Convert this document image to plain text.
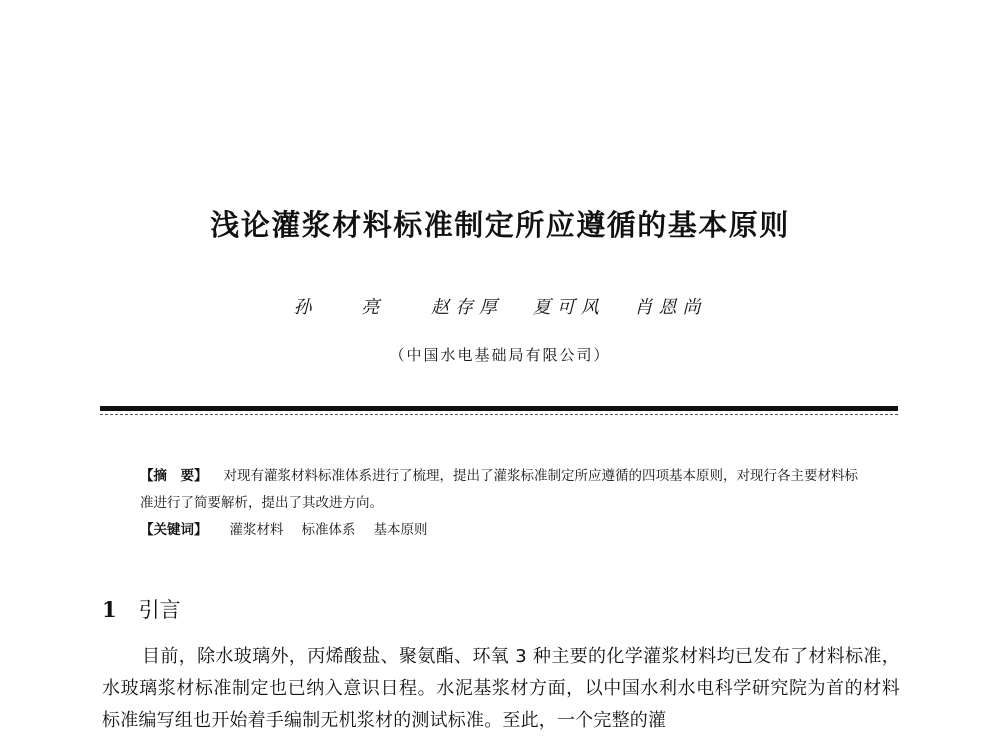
浅论灌浆材料标准制定所应遵循的基本原则
孙 亮 赵存厚 夏可风 肖恩尚
（中国水电基础局有限公司）
【摘　要】 对现有灌浆材料标准体系进行了梳理，提出了灌浆标准制定所应遵循的四项基本原则，对现行各主要材料标准进行了简要解析，提出了其改进方向。
【关键词】 灌浆材料 标准体系 基本原则
1 引言
目前，除水玻璃外，丙烯酸盐、聚氨酯、环氧 3 种主要的化学灌浆材料均已发布了材料标准，水玻璃浆材标准制定也已纳入意识日程。水泥基浆材方面，以中国水利水电科学研究院为首的材料标准编写组也开始着手编制无机浆材的测试标准。至此，一个完整的灌
